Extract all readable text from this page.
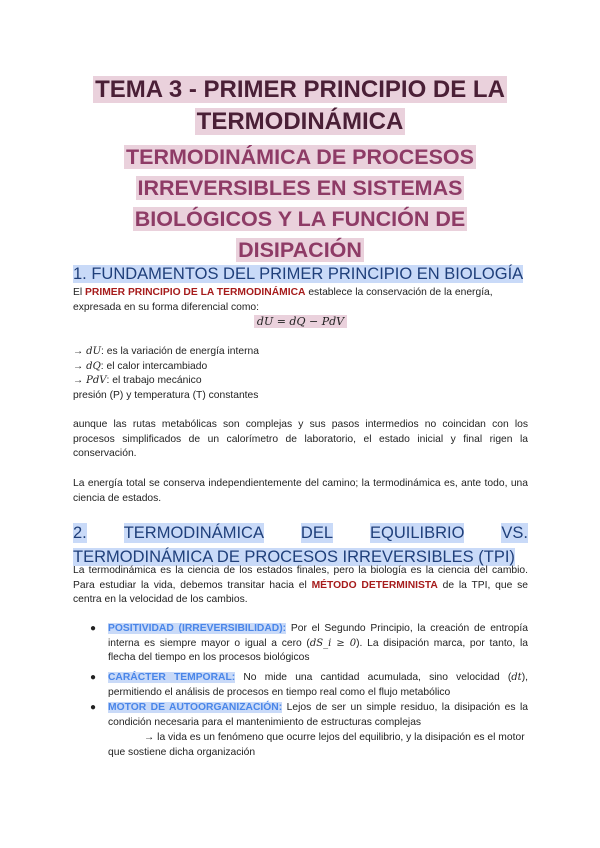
TEMA 3 - PRIMER PRINCIPIO DE LA
TERMODINÁMICA
TERMODINÁMICA DE PROCESOS
IRREVERSIBLES EN SISTEMAS
BIOLÓGICOS Y LA FUNCIÓN DE
DISIPACIÓN
1. FUNDAMENTOS DEL PRIMER PRINCIPIO EN BIOLOGÍA
El PRIMER PRINCIPIO DE LA TERMODINÁMICA establece la conservación de la energía, expresada en su forma diferencial como:
dU = dQ − PdV
→ dU: es la variación de energía interna
→ dQ: el calor intercambiado
→ PdV: el trabajo mecánico
presión (P) y temperatura (T) constantes
aunque las rutas metabólicas son complejas y sus pasos intermedios no coincidan con los procesos simplificados de un calorímetro de laboratorio, el estado inicial y final rigen la conservación.
La energía total se conserva independientemente del camino; la termodinámica es, ante todo, una ciencia de estados.
2. TERMODINÁMICA DEL EQUILIBRIO VS.
TERMODINÁMICA DE PROCESOS IRREVERSIBLES (TPI)
La termodinámica es la ciencia de los estados finales, pero la biología es la ciencia del cambio. Para estudiar la vida, debemos transitar hacia el MÉTODO DETERMINISTA de la TPI, que se centra en la velocidad de los cambios.
●	POSITIVIDAD (IRREVERSIBILIDAD): Por el Segundo Principio, la creación de entropía interna es siempre mayor o igual a cero (dS_i ≥ 0). La disipación marca, por tanto, la flecha del tiempo en los procesos biológicos
●	CARÁCTER TEMPORAL: No mide una cantidad acumulada, sino velocidad (dt), permitiendo el análisis de procesos en tiempo real como el flujo metabólico
●	MOTOR DE AUTOORGANIZACIÓN: Lejos de ser un simple residuo, la disipación es la condición necesaria para el mantenimiento de estructuras complejas
→ la vida es un fenómeno que ocurre lejos del equilibrio, y la disipación es el motor que sostiene dicha organización
